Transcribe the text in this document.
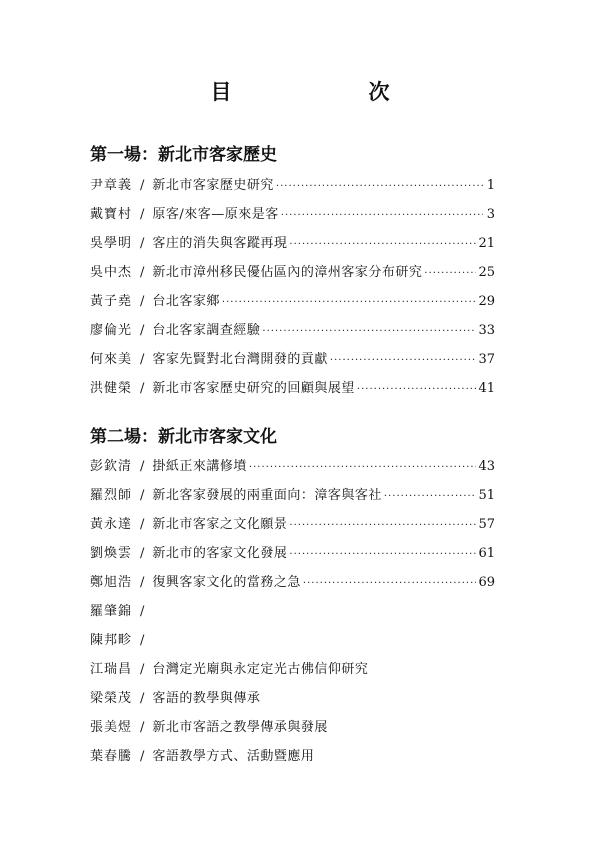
目　次
第一場：新北市客家歷史
尹章義 / 新北市客家歷史研究 ·····	1
戴寶村 / 原客/來客—原來是客 ·····	3
吳學明 / 客庄的消失與客蹤再現 ·····	21
吳中杰 / 新北市漳州移民優佔區內的漳州客家分布研究 ·····	25
黃子堯 / 台北客家鄉 ·····	29
廖倫光 / 台北客家調查經驗 ·····	33
何來美 / 客家先賢對北台灣開發的貢獻 ·····	37
洪健榮 / 新北市客家歷史研究的回顧與展望 ·····	41
第二場：新北市客家文化
彭欽清 / 掛紙正來講修墳 ·····	43
羅烈師 / 新北客家發展的兩重面向：漳客與客社 ·····	51
黃永達 / 新北市客家之文化願景 ·····	57
劉煥雲 / 新北市的客家文化發展 ·····	61
鄭旭浩 / 復興客家文化的當務之急 ·····	69
羅肇錦 /
陳邦畛 /
江瑞昌 / 台灣定光廟與永定定光古佛信仰研究
梁榮茂 / 客語的教學與傳承
張美煜 / 新北市客語之教學傳承與發展
葉春騰 / 客語教學方式、活動暨應用
